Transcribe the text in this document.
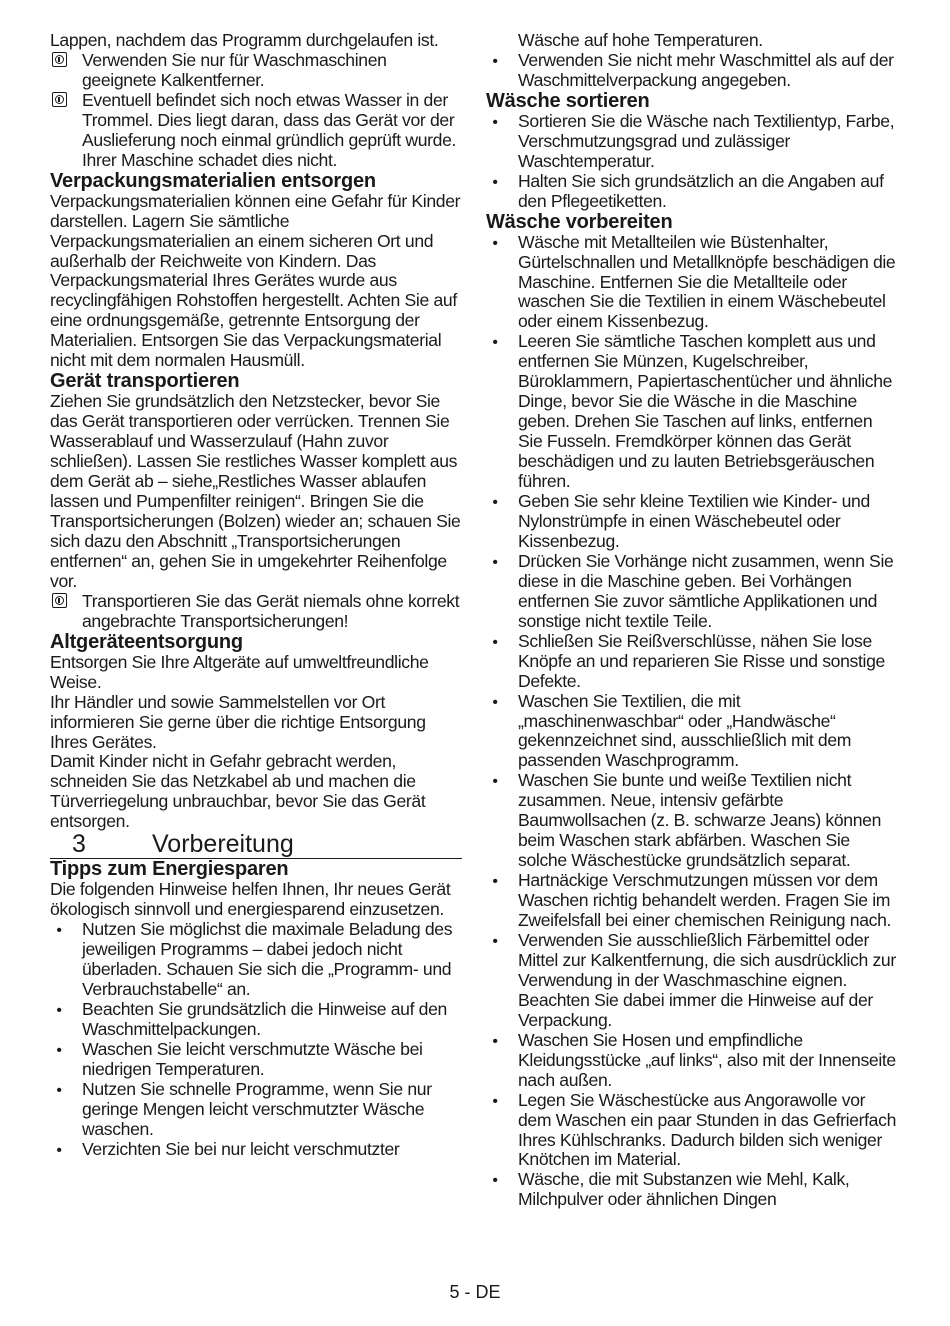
Lappen, nachdem das Programm durchgelaufen ist.

Verwenden Sie nur für Waschmaschinen geeignete Kalkentferner.
Eventuell befindet sich noch etwas Wasser in der Trommel. Dies liegt daran, dass das Gerät vor der Auslieferung noch einmal gründlich geprüft wurde. Ihrer Maschine schadet dies nicht.
Verpackungsmaterialien entsorgen

Verpackungsmaterialien können eine Gefahr für Kinder darstellen. Lagern Sie sämtliche Verpackungsmaterialien an einem sicheren Ort und außerhalb der Reichweite von Kindern. Das Verpackungsmaterial Ihres Gerätes wurde aus recyclingfähigen Rohstoffen hergestellt. Achten Sie auf eine ordnungsgemäße, getrennte Entsorgung der Materialien. Entsorgen Sie das Verpackungsmaterial nicht mit dem normalen Hausmüll.

Gerät transportieren

Ziehen Sie grundsätzlich den Netzstecker, bevor Sie das Gerät transportieren oder verrücken. Trennen Sie Wasserablauf und Wasserzulauf (Hahn zuvor schließen). Lassen Sie restliches Wasser komplett aus dem Gerät ab – siehe„Restliches Wasser ablaufen lassen und Pumpenfilter reinigen“. Bringen Sie die Transportsicherungen (Bolzen) wieder an; schauen Sie sich dazu den Abschnitt „Transportsicherungen entfernen“ an, gehen Sie in umgekehrter Reihenfolge vor.

Transportieren Sie das Gerät niemals ohne korrekt angebrachte Transportsicherungen!
Altgeräteentsorgung

Entsorgen Sie Ihre Altgeräte auf umweltfreundliche Weise.

Ihr Händler und sowie Sammelstellen vor Ort informieren Sie gerne über die richtige Entsorgung Ihres Gerätes.

Damit Kinder nicht in Gefahr gebracht werden, schneiden Sie das Netzkabel ab und machen die Türverriegelung unbrauchbar, bevor Sie das Gerät entsorgen.

3	Vorbereitung
Tipps zum Energiesparen

Die folgenden Hinweise helfen Ihnen, Ihr neues Gerät ökologisch sinnvoll und energiesparend einzusetzen.

•
Nutzen Sie möglichst die maximale Beladung des jeweiligen Programms – dabei jedoch nicht überladen. Schauen Sie sich die „Programm- und Verbrauchstabelle“ an.
•
Beachten Sie grundsätzlich die Hinweise auf den Waschmittelpackungen.
•
Waschen Sie leicht verschmutzte Wäsche bei niedrigen Temperaturen.
•
Nutzen Sie schnelle Programme, wenn Sie nur geringe Mengen leicht verschmutzter Wäsche waschen.
•
Verzichten Sie bei nur leicht verschmutzter

Wäsche auf hohe Temperaturen.

•
Verwenden Sie nicht mehr Waschmittel als auf der Waschmittelverpackung angegeben.
Wäsche sortieren
•
Sortieren Sie die Wäsche nach Textilientyp, Farbe, Verschmutzungsgrad und zulässiger Waschtemperatur.
•
Halten Sie sich grundsätzlich an die Angaben auf den Pflegeetiketten.
Wäsche vorbereiten
•
Wäsche mit Metallteilen wie Büstenhalter, Gürtelschnallen und Metallknöpfe beschädigen die Maschine. Entfernen Sie die Metallteile oder waschen Sie die Textilien in einem Wäschebeutel oder einem Kissenbezug.
•
Leeren Sie sämtliche Taschen komplett aus und entfernen Sie Münzen, Kugelschreiber, Büroklammern, Papiertaschentücher und ähnliche Dinge, bevor Sie die Wäsche in die Maschine geben. Drehen Sie Taschen auf links, entfernen Sie Fusseln. Fremdkörper können das Gerät beschädigen und zu lauten Betriebsgeräuschen führen.
•
Geben Sie sehr kleine Textilien wie Kinder- und Nylonstrümpfe in einen Wäschebeutel oder Kissenbezug.
•
Drücken Sie Vorhänge nicht zusammen, wenn Sie diese in die Maschine geben. Bei Vorhängen entfernen Sie zuvor sämtliche Applikationen und sonstige nicht textile Teile.
•
Schließen Sie Reißverschlüsse, nähen Sie lose Knöpfe an und reparieren Sie Risse und sonstige Defekte.
•
Waschen Sie Textilien, die mit „maschinenwaschbar“ oder „Handwäsche“ gekennzeichnet sind, ausschließlich mit dem passenden Waschprogramm.
•
Waschen Sie bunte und weiße Textilien nicht zusammen. Neue, intensiv gefärbte Baumwollsachen (z. B. schwarze Jeans) können beim Waschen stark abfärben. Waschen Sie solche Wäschestücke grundsätzlich separat.
•
Hartnäckige Verschmutzungen müssen vor dem Waschen richtig behandelt werden. Fragen Sie im Zweifelsfall bei einer chemischen Reinigung nach.
•
Verwenden Sie ausschließlich Färbemittel oder Mittel zur Kalkentfernung, die sich ausdrücklich zur Verwendung in der Waschmaschine eignen. Beachten Sie dabei immer die Hinweise auf der Verpackung.
•
Waschen Sie Hosen und empfindliche Kleidungsstücke „auf links“, also mit der Innenseite nach außen.
•
Legen Sie Wäschestücke aus Angorawolle vor dem Waschen ein paar Stunden in das Gefrierfach Ihres Kühlschranks. Dadurch bilden sich weniger Knötchen im Material.
•
Wäsche, die mit Substanzen wie Mehl, Kalk, Milchpulver oder ähnlichen Dingen
5 - DE
